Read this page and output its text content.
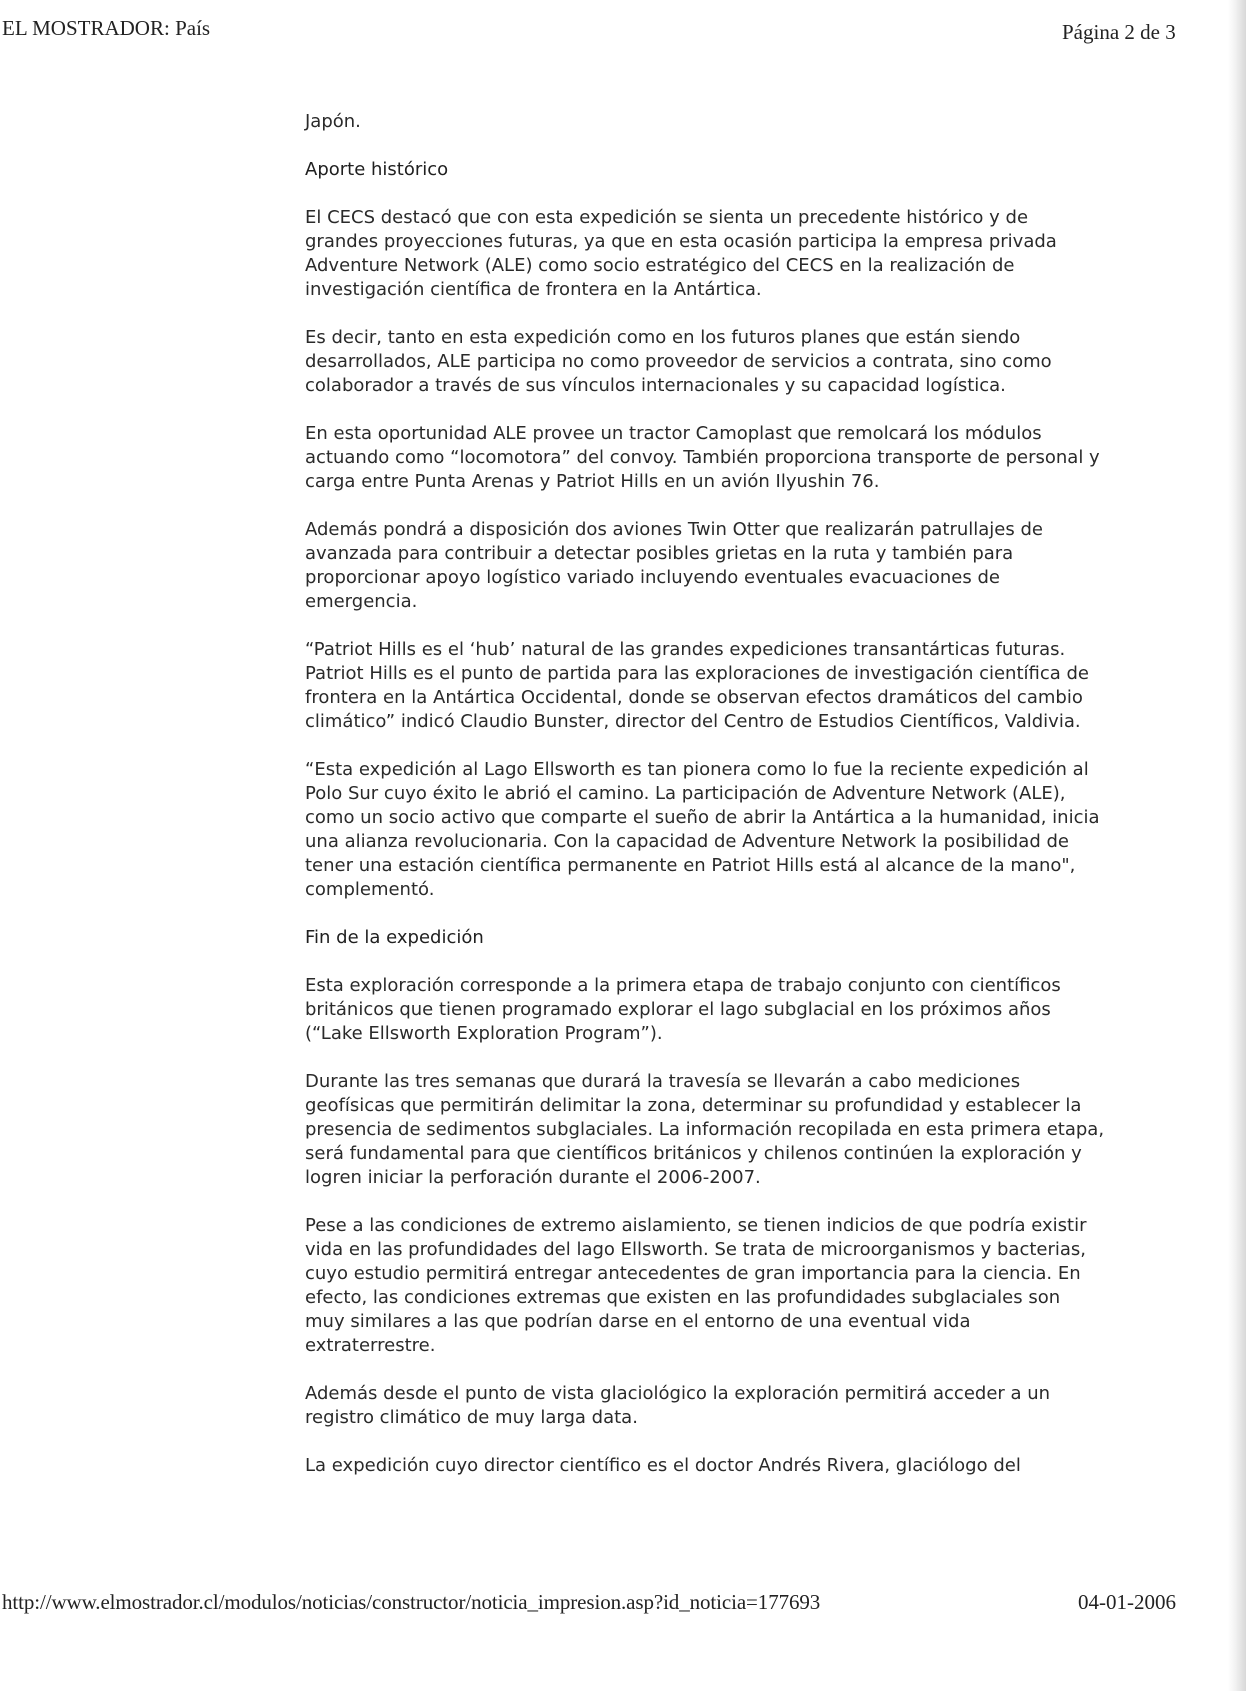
EL MOSTRADOR: País	Página 2 de 3

Japón.

Aporte histórico

El CECS destacó que con esta expedición se sienta un precedente histórico y de grandes proyecciones futuras, ya que en esta ocasión participa la empresa privada Adventure Network (ALE) como socio estratégico del CECS en la realización de investigación científica de frontera en la Antártica.

Es decir, tanto en esta expedición como en los futuros planes que están siendo desarrollados, ALE participa no como proveedor de servicios a contrata, sino como colaborador a través de sus vínculos internacionales y su capacidad logística.

En esta oportunidad ALE provee un tractor Camoplast que remolcará los módulos actuando como “locomotora” del convoy. También proporciona transporte de personal y carga entre Punta Arenas y Patriot Hills en un avión Ilyushin 76.

Además pondrá a disposición dos aviones Twin Otter que realizarán patrullajes de avanzada para contribuir a detectar posibles grietas en la ruta y también para proporcionar apoyo logístico variado incluyendo eventuales evacuaciones de emergencia.

“Patriot Hills es el ‘hub’ natural de las grandes expediciones transantárticas futuras. Patriot Hills es el punto de partida para las exploraciones de investigación científica de frontera en la Antártica Occidental, donde se observan efectos dramáticos del cambio climático” indicó Claudio Bunster, director del Centro de Estudios Científicos, Valdivia.

“Esta expedición al Lago Ellsworth es tan pionera como lo fue la reciente expedición al Polo Sur cuyo éxito le abrió el camino. La participación de Adventure Network (ALE), como un socio activo que comparte el sueño de abrir la Antártica a la humanidad, inicia una alianza revolucionaria. Con la capacidad de Adventure Network la posibilidad de tener una estación científica permanente en Patriot Hills está al alcance de la mano", complementó.

Fin de la expedición

Esta exploración corresponde a la primera etapa de trabajo conjunto con científicos británicos que tienen programado explorar el lago subglacial en los próximos años (“Lake Ellsworth Exploration Program”).

Durante las tres semanas que durará la travesía se llevarán a cabo mediciones geofísicas que permitirán delimitar la zona, determinar su profundidad y establecer la presencia de sedimentos subglaciales. La información recopilada en esta primera etapa, será fundamental para que científicos británicos y chilenos continúen la exploración y logren iniciar la perforación durante el 2006-2007.

Pese a las condiciones de extremo aislamiento, se tienen indicios de que podría existir vida en las profundidades del lago Ellsworth. Se trata de microorganismos y bacterias, cuyo estudio permitirá entregar antecedentes de gran importancia para la ciencia. En efecto, las condiciones extremas que existen en las profundidades subglaciales son muy similares a las que podrían darse en el entorno de una eventual vida extraterrestre.

Además desde el punto de vista glaciológico la exploración permitirá acceder a un registro climático de muy larga data.

La expedición cuyo director científico es el doctor Andrés Rivera, glaciólogo del

http://www.elmostrador.cl/modulos/noticias/constructor/noticia_impresion.asp?id_noticia=177693	04-01-2006
